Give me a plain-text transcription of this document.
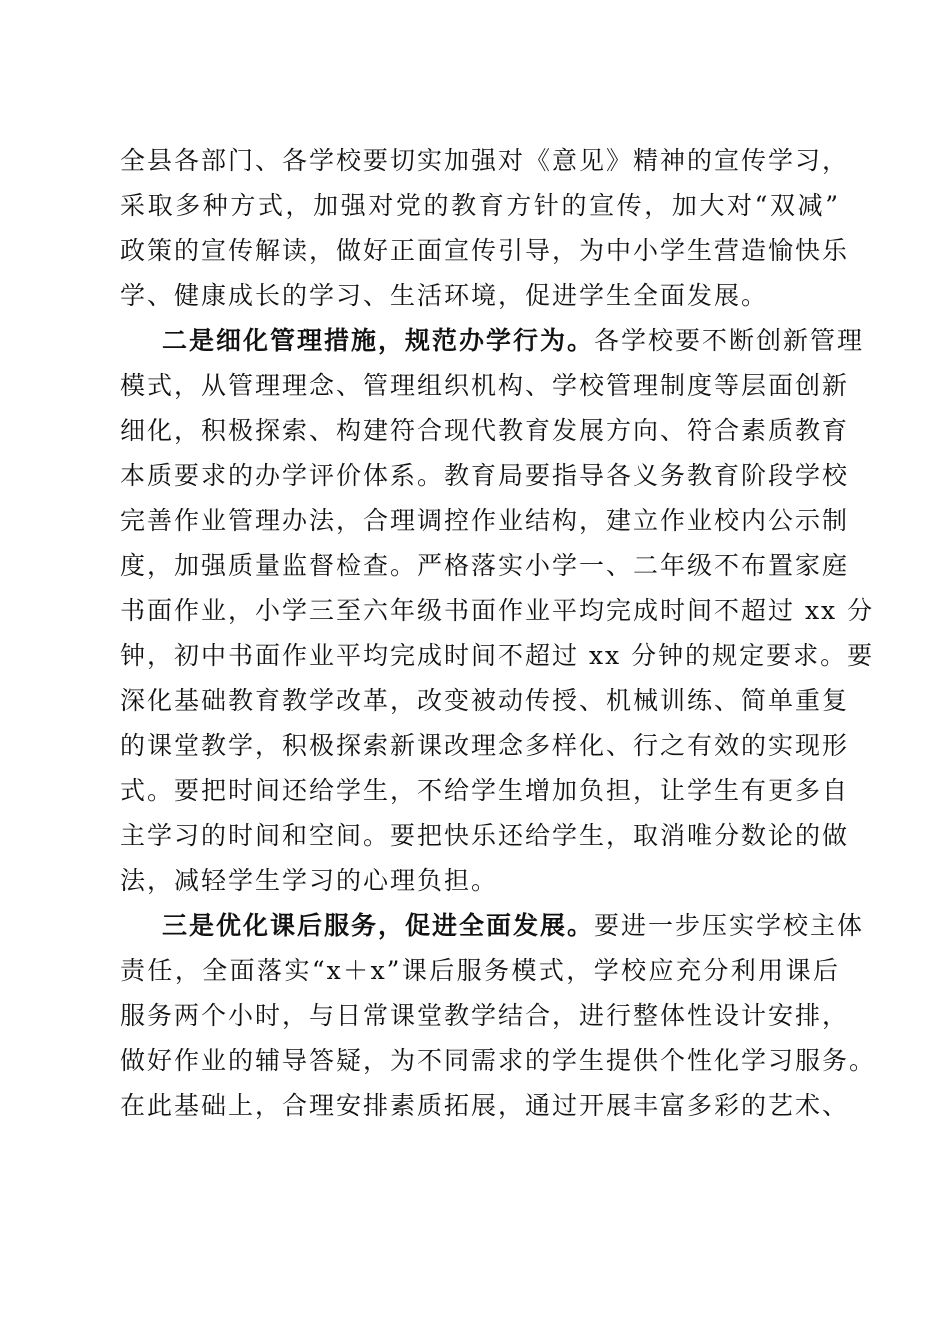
全县各部门、各学校要切实加强对《意见》精神的宣传学习，
采取多种方式，加强对党的教育方针的宣传，加大对“双减”
政策的宣传解读，做好正面宣传引导，为中小学生营造愉快乐
学、健康成长的学习、生活环境，促进学生全面发展。
二是细化管理措施，规范办学行为。各学校要不断创新管理
模式，从管理理念、管理组织机构、学校管理制度等层面创新
细化，积极探索、构建符合现代教育发展方向、符合素质教育
本质要求的办学评价体系。教育局要指导各义务教育阶段学校
完善作业管理办法，合理调控作业结构，建立作业校内公示制
度，加强质量监督检查。严格落实小学一、二年级不布置家庭
书面作业，小学三至六年级书面作业平均完成时间不超过 xx 分
钟，初中书面作业平均完成时间不超过 xx 分钟的规定要求。要
深化基础教育教学改革，改变被动传授、机械训练、简单重复
的课堂教学，积极探索新课改理念多样化、行之有效的实现形
式。要把时间还给学生，不给学生增加负担，让学生有更多自
主学习的时间和空间。要把快乐还给学生，取消唯分数论的做
法，减轻学生学习的心理负担。
三是优化课后服务，促进全面发展。要进一步压实学校主体
责任，全面落实“x＋x”课后服务模式，学校应充分利用课后
服务两个小时，与日常课堂教学结合，进行整体性设计安排，
做好作业的辅导答疑，为不同需求的学生提供个性化学习服务。
在此基础上，合理安排素质拓展，通过开展丰富多彩的艺术、
